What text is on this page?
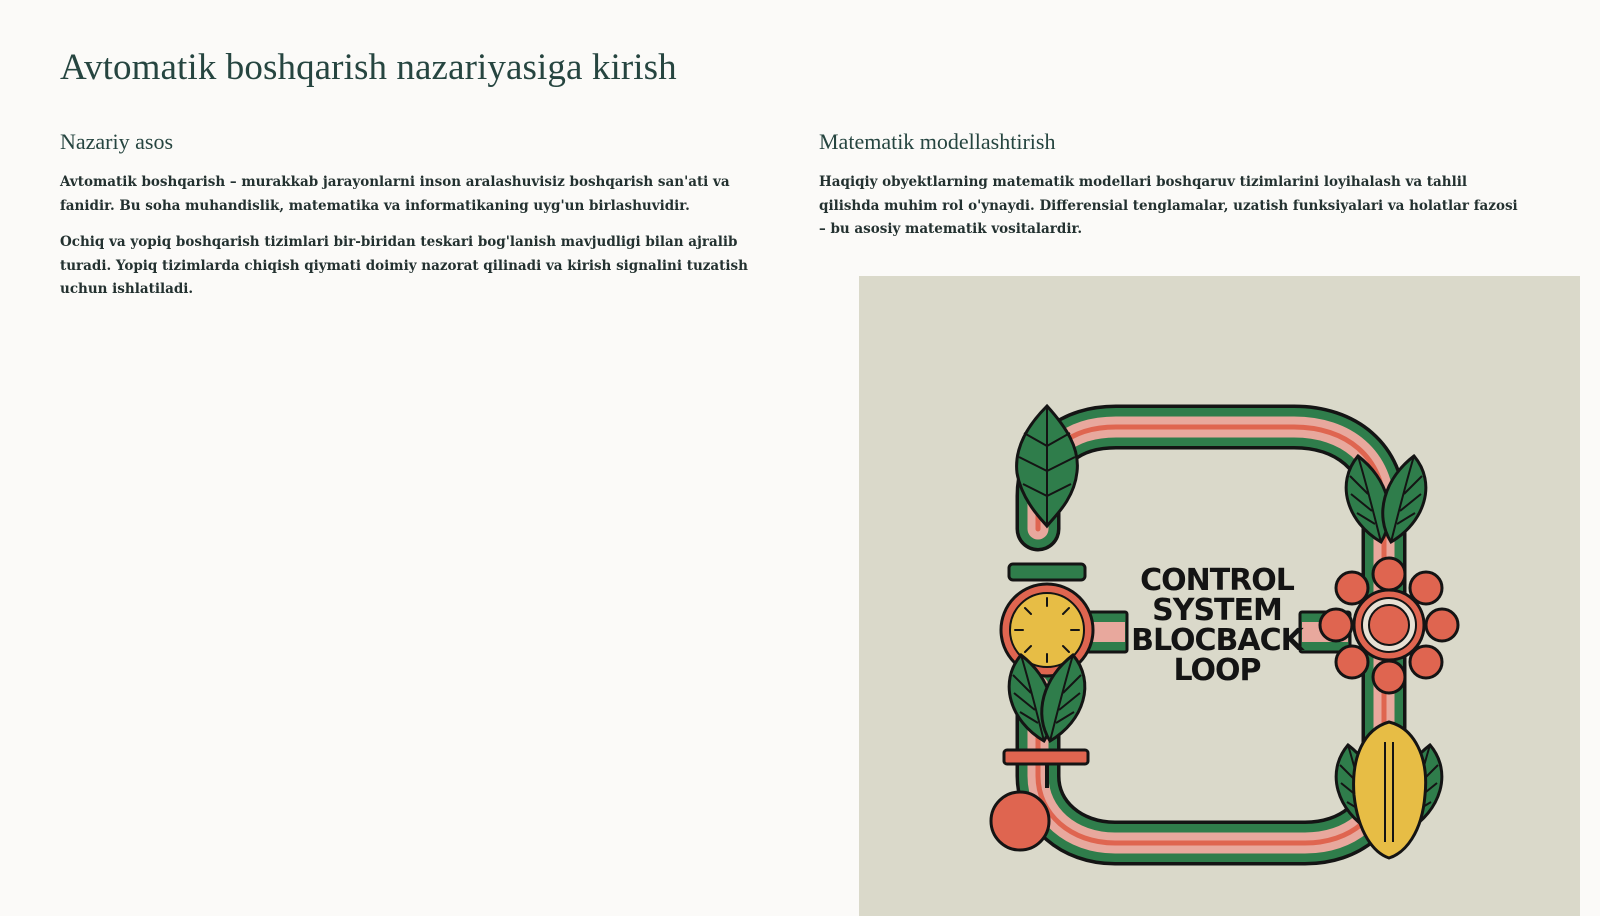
Avtomatik boshqarish nazariyasiga kirish
Nazariy asos

Avtomatik boshqarish – murakkab jarayonlarni inson aralashuvisiz boshqarish san'ati va fanidir. Bu soha muhandislik, matematika va informatikaning uyg'un birlashuvidir.

Ochiq va yopiq boshqarish tizimlari bir-biridan teskari bog'lanish mavjudligi bilan ajralib turadi. Yopiq tizimlarda chiqish qiymati doimiy nazorat qilinadi va kirish signalini tuzatish uchun ishlatiladi.

Matematik modellashtirish

Haqiqiy obyektlarning matematik modellari boshqaruv tizimlarini loyihalash va tahlil qilishda muhim rol o'ynaydi. Differensial tenglamalar, uzatish funksiyalari va holatlar fazosi – bu asosiy matematik vositalardir.

CONTROL
SYSTEM
BLOCBACK
LOOP
